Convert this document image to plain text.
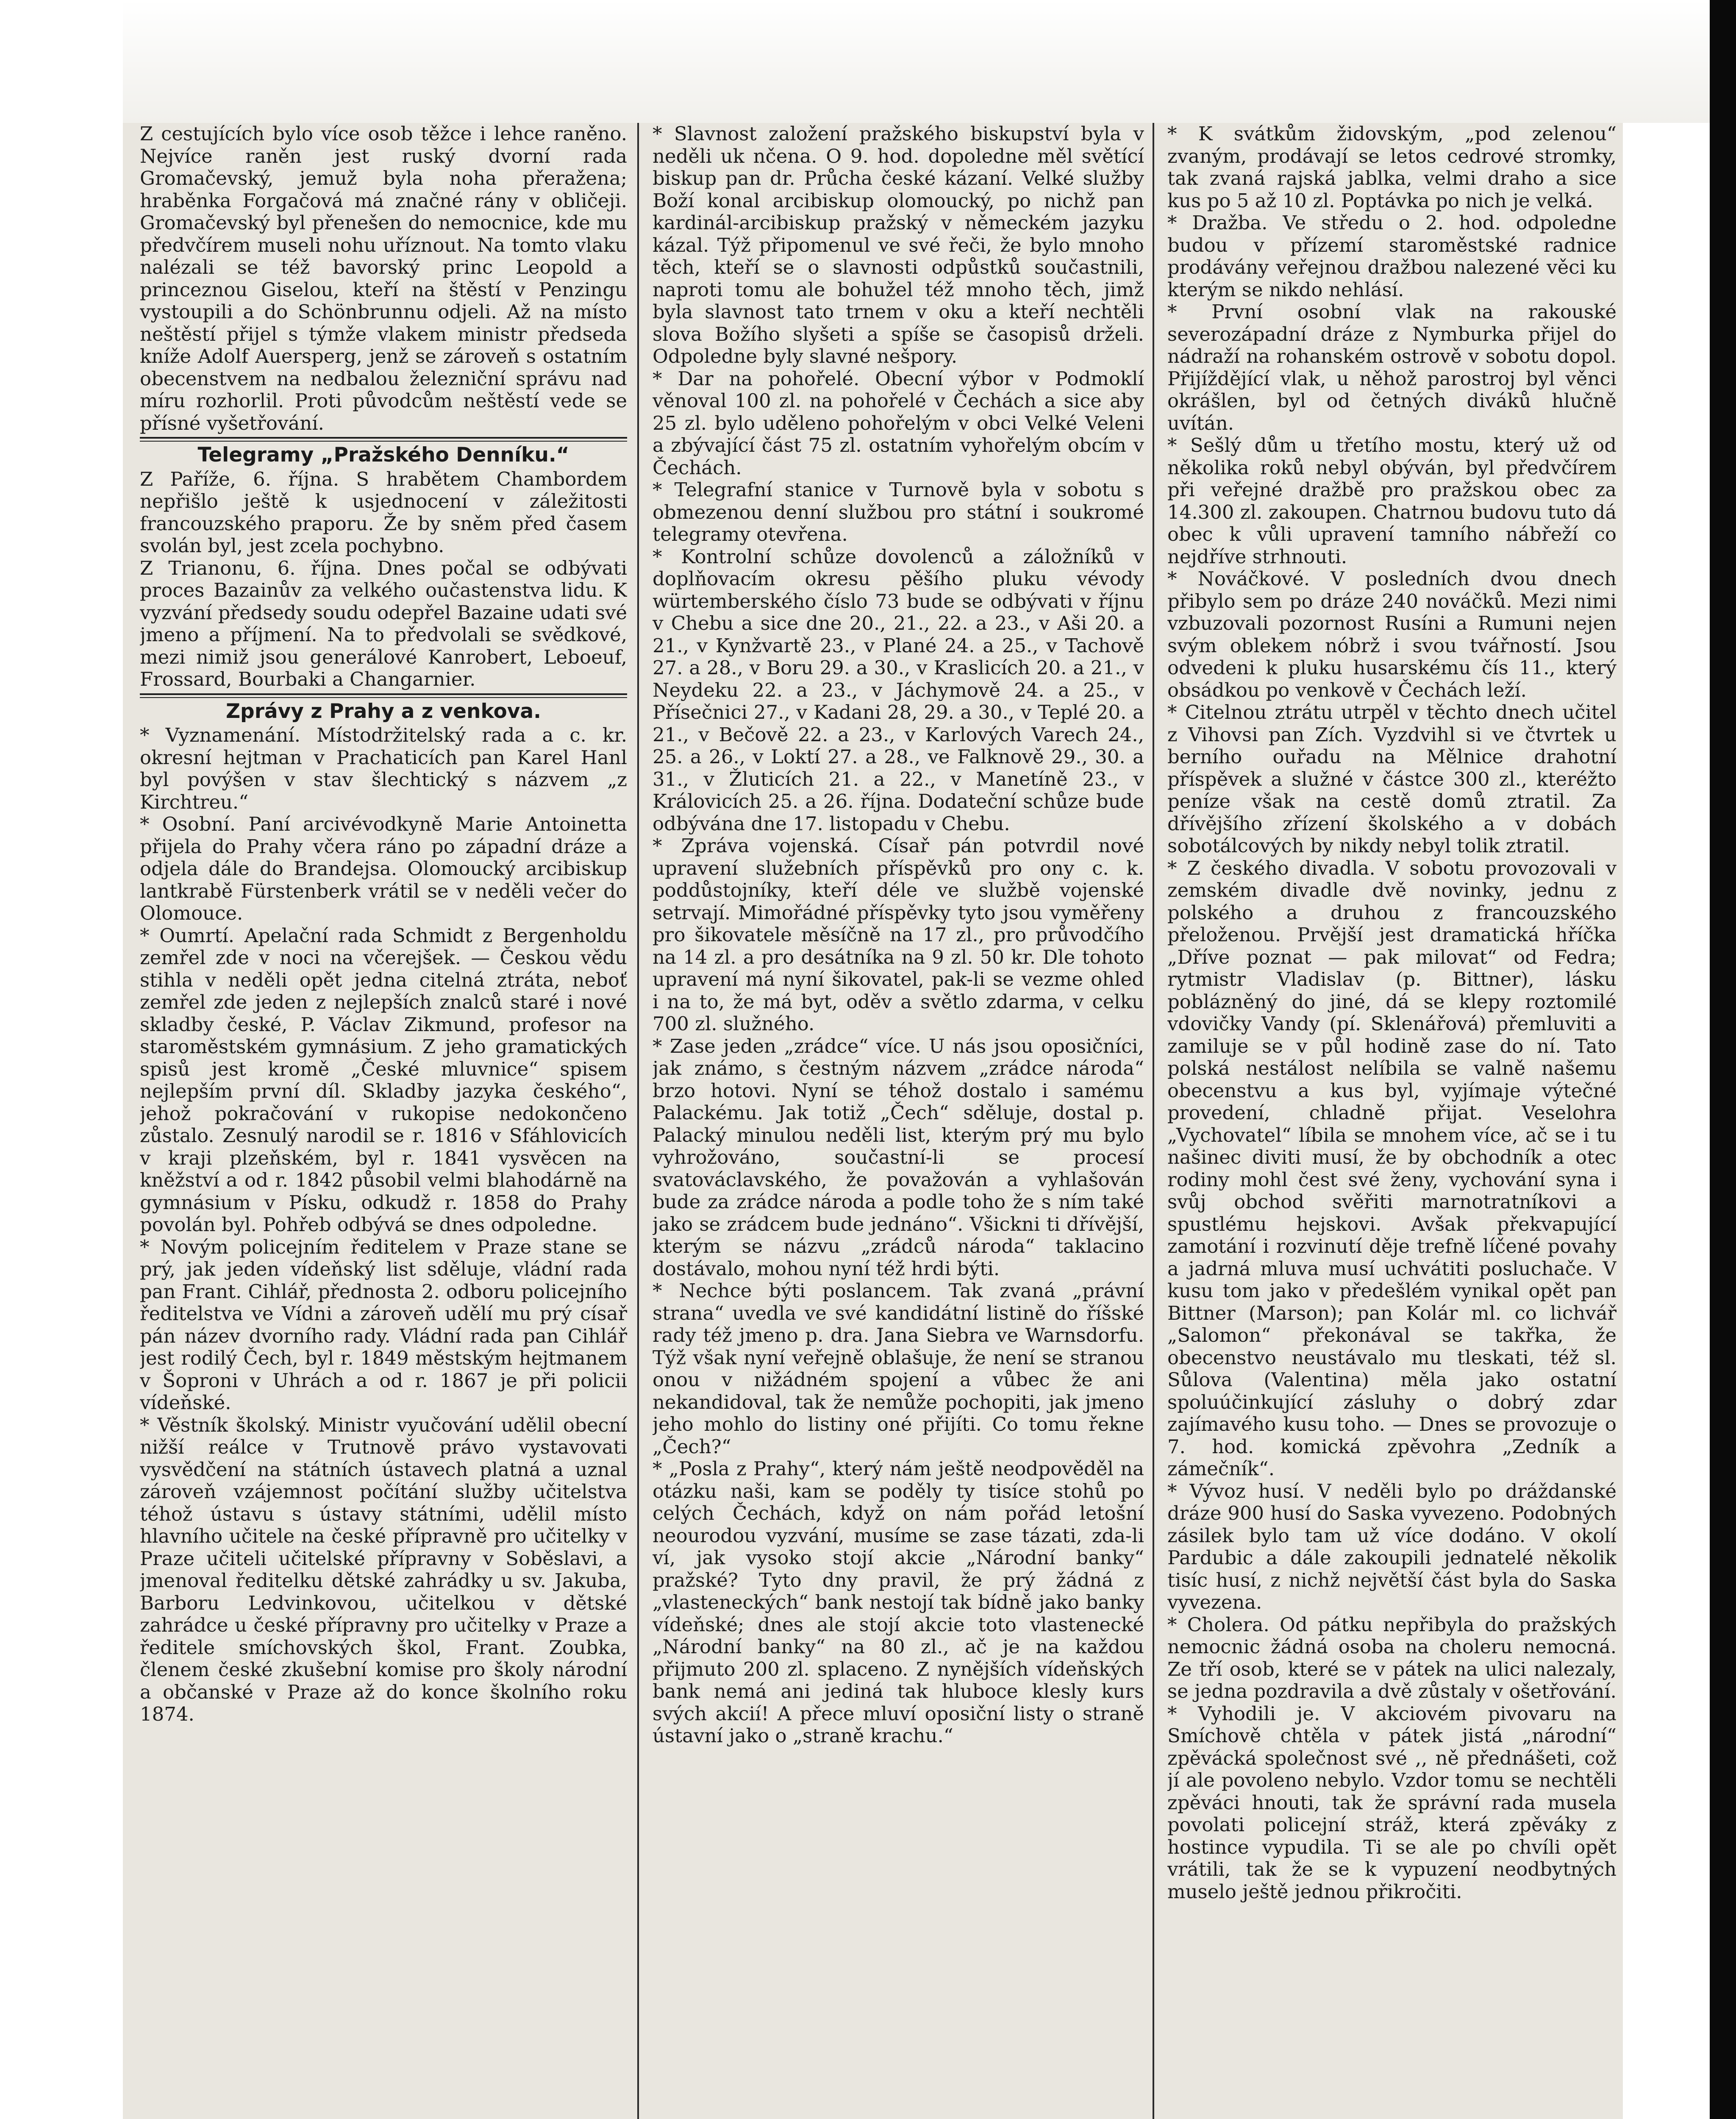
Z cestujících bylo více osob těžce i lehce raněno. Nejvíce raněn jest ruský dvorní rada Gromačevský, jemuž byla noha přeražena; hraběnka Forgačová má značné rány v obličeji. Gromačevský byl přenešen do nemocnice, kde mu předvčírem museli nohu uříznout. Na tomto vlaku nalézali se též bavorský princ Leopold a princeznou Giselou, kteří na štěstí v Penzingu vystoupili a do Schönbrunnu odjeli. Až na místo neštěstí přijel s týmže vlakem ministr předseda kníže Adolf Auersperg, jenž se zároveň s ostatním obecenstvem na nedbalou železniční správu nad míru rozhorlil. Proti původcům neštěstí vede se přísné vyšetřování.

Telegramy „Pražského Denníku.“

Z Paříže, 6. října. S hrabětem Chambordem nepřišlo ještě k usjednocení v záležitosti francouzského praporu. Že by sněm před časem svolán byl, jest zcela pochybno.

Z Trianonu, 6. října. Dnes počal se odbývati proces Bazainův za velkého oučastenstva lidu. K vyzvání předsedy soudu odepřel Bazaine udati své jmeno a příjmení. Na to předvolali se svědkové, mezi nimiž jsou generálové Kanrobert, Leboeuf, Frossard, Bourbaki a Changarnier.

Zprávy z Prahy a z venkova.

* Vyznamenání. Místodržitelský rada a c. kr. okresní hejtman v Prachaticích pan Karel Hanl byl povýšen v stav šlechtický s názvem „z Kirchtreu.“

* Osobní. Paní arcivévodkyně Marie Antoinetta přijela do Prahy včera ráno po západní dráze a odjela dále do Brandejsa. Olomoucký arcibiskup lantkrabě Fürstenberk vrátil se v neděli večer do Olomouce.

* Oumrtí. Apelační rada Schmidt z Bergenholdu zemřel zde v noci na včerejšek. — Českou vědu stihla v neděli opět jedna citelná ztráta, neboť zemřel zde jeden z nejlepších znalců staré i nové skladby české, P. Václav Zikmund, profesor na staroměstském gymnásium. Z jeho gramatických spisů jest kromě „České mluvnice“ spisem nejlepším první díl. Skladby jazyka českého“, jehož pokračování v rukopise nedokončeno zůstalo. Zesnulý narodil se r. 1816 v Sfáhlovicích v kraji plzeňském, byl r. 1841 vysvěcen na kněžství a od r. 1842 působil velmi blahodárně na gymnásium v Písku, odkudž r. 1858 do Prahy povolán byl. Pohřeb odbývá se dnes odpoledne.

* Novým policejním ředitelem v Praze stane se prý, jak jeden vídeňský list sděluje, vládní rada pan Frant. Cihlář, přednosta 2. odboru policejního ředitelstva ve Vídni a zároveň udělí mu prý císař pán název dvorního rady. Vládní rada pan Cihlář jest rodilý Čech, byl r. 1849 městským hejtmanem v Šoproni v Uhrách a od r. 1867 je při policii vídeňské.

* Věstník školský. Ministr vyučování udělil obecní nižší reálce v Trutnově právo vystavovati vysvědčení na státních ústavech platná a uznal zároveň vzájemnost počítání služby učitelstva téhož ústavu s ústavy státními, udělil místo hlavního učitele na české přípravně pro učitelky v Praze učiteli učitelské přípravny v Soběslavi, a jmenoval ředitelku dětské zahrádky u sv. Jakuba, Barboru Ledvinkovou, učitelkou v dětské zahrádce u české přípravny pro učitelky v Praze a ředitele smíchovských škol, Frant. Zoubka, členem české zkušební komise pro školy národní a občanské v Praze až do konce školního roku 1874.

* Slavnost založení pražského biskupství byla v neděli uk nčena. O 9. hod. dopoledne měl světící biskup pan dr. Průcha české kázaní. Velké služby Boží konal arcibiskup olomoucký, po nichž pan kardinál-arcibiskup pražský v německém jazyku kázal. Týž připomenul ve své řeči, že bylo mnoho těch, kteří se o slavnosti odpůstků součastnili, naproti tomu ale bohužel též mnoho těch, jimž byla slavnost tato trnem v oku a kteří nechtěli slova Božího slyšeti a spíše se časopisů drželi. Odpoledne byly slavné nešpory.

* Dar na pohořelé. Obecní výbor v Podmoklí věnoval 100 zl. na pohořelé v Čechách a sice aby 25 zl. bylo uděleno pohořelým v obci Velké Veleni a zbývající část 75 zl. ostatním vyhořelým obcím v Čechách.

* Telegrafní stanice v Turnově byla v sobotu s obmezenou denní službou pro státní i soukromé telegramy otevřena.

* Kontrolní schůze dovolenců a záložníků v doplňovacím okresu pěšího pluku vévody würtemberského číslo 73 bude se odbývati v říjnu v Chebu a sice dne 20., 21., 22. a 23., v Aši 20. a 21., v Kynžvartě 23., v Plané 24. a 25., v Tachově 27. a 28., v Boru 29. a 30., v Kraslicích 20. a 21., v Neydeku 22. a 23., v Jáchymově 24. a 25., v Přísečnici 27., v Kadani 28, 29. a 30., v Teplé 20. a 21., v Bečově 22. a 23., v Karlových Varech 24., 25. a 26., v Loktí 27. a 28., ve Falknově 29., 30. a 31., v Žluticích 21. a 22., v Manetíně 23., v Královicích 25. a 26. října. Dodateční schůze bude odbývána dne 17. listopadu v Chebu.

* Zpráva vojenská. Císař pán potvrdil nové upravení služebních příspěvků pro ony c. k. poddůstojníky, kteří déle ve službě vojenské setrvají. Mimořádné příspěvky tyto jsou vyměřeny pro šikovatele měsíčně na 17 zl., pro průvodčího na 14 zl. a pro desátníka na 9 zl. 50 kr. Dle tohoto upravení má nyní šikovatel, pak-li se vezme ohled i na to, že má byt, oděv a světlo zdarma, v celku 700 zl. služného.

* Zase jeden „zrádce“ více. U nás jsou oposičníci, jak známo, s čestným názvem „zrádce národa“ brzo hotovi. Nyní se téhož dostalo i samému Palackému. Jak totiž „Čech“ sděluje, dostal p. Palacký minulou neděli list, kterým prý mu bylo vyhrožováno, součastní-li se procesí svatováclavského, že považován a vyhlašován bude za zrádce národa a podle toho že s ním také jako se zrádcem bude jednáno“. Všickni ti dřívější, kterým se názvu „zrádců národa“ taklacino dostávalo, mohou nyní též hrdi býti.

* Nechce býti poslancem. Tak zvaná „právní strana“ uvedla ve své kandidátní listině do říšské rady též jmeno p. dra. Jana Siebra ve Warnsdorfu. Týž však nyní veřejně oblašuje, že není se stranou onou v nižádném spojení a vůbec že ani nekandidoval, tak že nemůže pochopiti, jak jmeno jeho mohlo do listiny oné přijíti. Co tomu řekne „Čech?“

* „Posla z Prahy“, který nám ještě neodpověděl na otázku naši, kam se poděly ty tisíce stohů po celých Čechách, když on nám pořád letošní neourodou vyzvání, musíme se zase tázati, zda-li ví, jak vysoko stojí akcie „Národní banky“ pražské? Tyto dny pravil, že prý žádná z „vlasteneckých“ bank nestojí tak bídně jako banky vídeňské; dnes ale stojí akcie toto vlastenecké „Národní banky“ na 80 zl., ač je na každou přijmuto 200 zl. splaceno. Z nynějších vídeňských bank nemá ani jediná tak hluboce klesly kurs svých akcií! A přece mluví oposiční listy o straně ústavní jako o „straně krachu.“

* K svátkům židovským, „pod zelenou“ zvaným, prodávají se letos cedrové stromky, tak zvaná rajská jablka, velmi draho a sice kus po 5 až 10 zl. Poptávka po nich je velká.

* Dražba. Ve středu o 2. hod. odpoledne budou v přízemí staroměstské radnice prodávány veřejnou dražbou nalezené věci ku kterým se nikdo nehlásí.

* První osobní vlak na rakouské severozápadní dráze z Nymburka přijel do nádraží na rohanském ostrově v sobotu dopol. Přijíždějící vlak, u něhož parostroj byl věnci okrášlen, byl od četných diváků hlučně uvítán.

* Sešlý dům u třetího mostu, který už od několika roků nebyl obýván, byl předvčírem při veřejné dražbě pro pražskou obec za 14.300 zl. zakoupen. Chatrnou budovu tuto dá obec k vůli upravení tamního nábřeží co nejdříve strhnouti.

* Nováčkové. V posledních dvou dnech přibylo sem po dráze 240 nováčků. Mezi nimi vzbuzovali pozornost Rusíni a Rumuni nejen svým oblekem nóbrž i svou tvářností. Jsou odvedeni k pluku husarskému čís 11., který obsádkou po venkově v Čechách leží.

* Citelnou ztrátu utrpěl v těchto dnech učitel z Vihovsi pan Zích. Vyzdvihl si ve čtvrtek u berního ouřadu na Mělnice drahotní příspěvek a služné v částce 300 zl., kteréžto peníze však na cestě domů ztratil. Za dřívějšího zřízení školského a v dobách sobotálcových by nikdy nebyl tolik ztratil.

* Z českého divadla. V sobotu provozovali v zemském divadle dvě novinky, jednu z polského a druhou z francouzského přeloženou. Prvější jest dramatická hříčka „Dříve poznat — pak milovat“ od Fedra; rytmistr Vladislav (p. Bittner), lásku poblázněný do jiné, dá se klepy roztomilé vdovičky Vandy (pí. Sklenářová) přemluviti a zamiluje se v půl hodině zase do ní. Tato polská nestálost nelíbila se valně našemu obecenstvu a kus byl, vyjímaje výtečné provedení, chladně přijat. Veselohra „Vychovatel“ líbila se mnohem více, ač se i tu našinec diviti musí, že by obchodník a otec rodiny mohl čest své ženy, vychování syna i svůj obchod svěřiti marnotratníkovi a spustlému hejskovi. Avšak překvapující zamotání i rozvinutí děje trefně líčené povahy a jadrná mluva musí uchvátiti posluchače. V kusu tom jako v předešlém vynikal opět pan Bittner (Marson); pan Kolár ml. co lichvář „Salomon“ překonával se takřka, že obecenstvo neustávalo mu tleskati, též sl. Sůlova (Valentina) měla jako ostatní spoluúčinkující zásluhy o dobrý zdar zajímavého kusu toho. — Dnes se provozuje o 7. hod. komická zpěvohra „Zedník a zámečník“.

* Vývoz husí. V neděli bylo po dráždanské dráze 900 husí do Saska vyvezeno. Podobných zásilek bylo tam už více dodáno. V okolí Pardubic a dále zakoupili jednatelé několik tisíc husí, z nichž největší část byla do Saska vyvezena.

* Cholera. Od pátku nepřibyla do pražských nemocnic žádná osoba na choleru nemocná. Ze tří osob, které se v pátek na ulici nalezaly, se jedna pozdravila a dvě zůstaly v ošetřování.

* Vyhodili je. V akciovém pivovaru na Smíchově chtěla v pátek jistá „národní“ zpěvácká společnost své ,, ně přednášeti, což jí ale povoleno nebylo. Vzdor tomu se nechtěli zpěváci hnouti, tak že správní rada musela povolati policejní stráž, která zpěváky z hostince vypudila. Ti se ale po chvíli opět vrátili, tak že se k vypuzení neodbytných muselo ještě jednou přikročiti.
